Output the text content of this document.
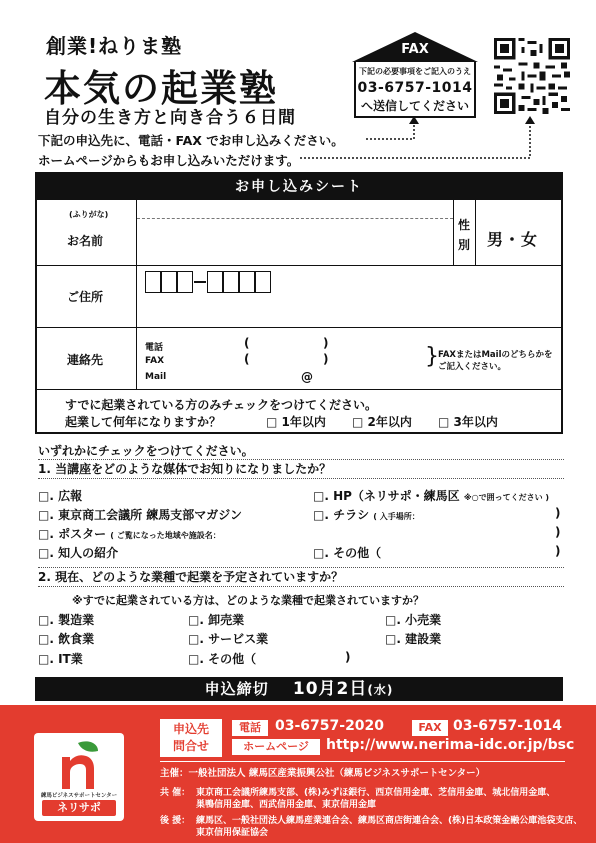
創業!ねりま塾
本気の起業塾
自分の生き方と向き合う６日間
FAX
下記の必要事項をご記入のうえ
03-6757-1014
へ送信してください
下記の申込先に、電話・FAX でお申し込みください。
ホームページからもお申し込みいただけます。
お申し込みシート
(ふりがな)
お名前
性
別 男・女
ご住所
連絡先
電話
FAX
Mail
(	)
(	)
@
} FAXまたはMailのどちらかを
ご記入ください。
すでに起業されている方のみチェックをつけてください。
起業して何年になりますか？	□ 1年以内 □ 2年以内 □ 3年以内
いずれかにチェックをつけてください。
1. 当講座をどのような媒体でお知りになりましたか？
□. 広報
□. 東京商工会議所 練馬支部マガジン
□. ポスター ( ご覧になった地域や施設名：
□. 知人の紹介
□. HP（ネリサポ・練馬区 ※○で囲ってください )
□. チラシ ( 入手場所：
□. その他（
)
)
)
2. 現在、どのような業種で起業を予定されていますか？
※すでに起業されている方は、どのような業種で起業されていますか？
□. 製造業	□. 卸売業	□. 小売業
□. 飲食業	□. サービス業	□. 建設業
□. IT業	□. その他（	)
申込締切 10月2日(水)
練馬ビジネスサポートセンター
ネリサポ
申込先
問合せ
電話	03-6757-2020	FAX 03-6757-1014
ホームページ	http://www.nerima-idc.or.jp/bsc
主催：一般社団法人 練馬区産業振興公社（練馬ビジネスサポートセンター）
共 催： 東京商工会議所練馬支部、(株)みずほ銀行、西京信用金庫、芝信用金庫、城北信用金庫、
巣鴨信用金庫、西武信用金庫、東京信用金庫
後 援： 練馬区、一般社団法人練馬産業連合会、練馬区商店街連合会、(株)日本政策金融公庫池袋支店、
東京信用保証協会
